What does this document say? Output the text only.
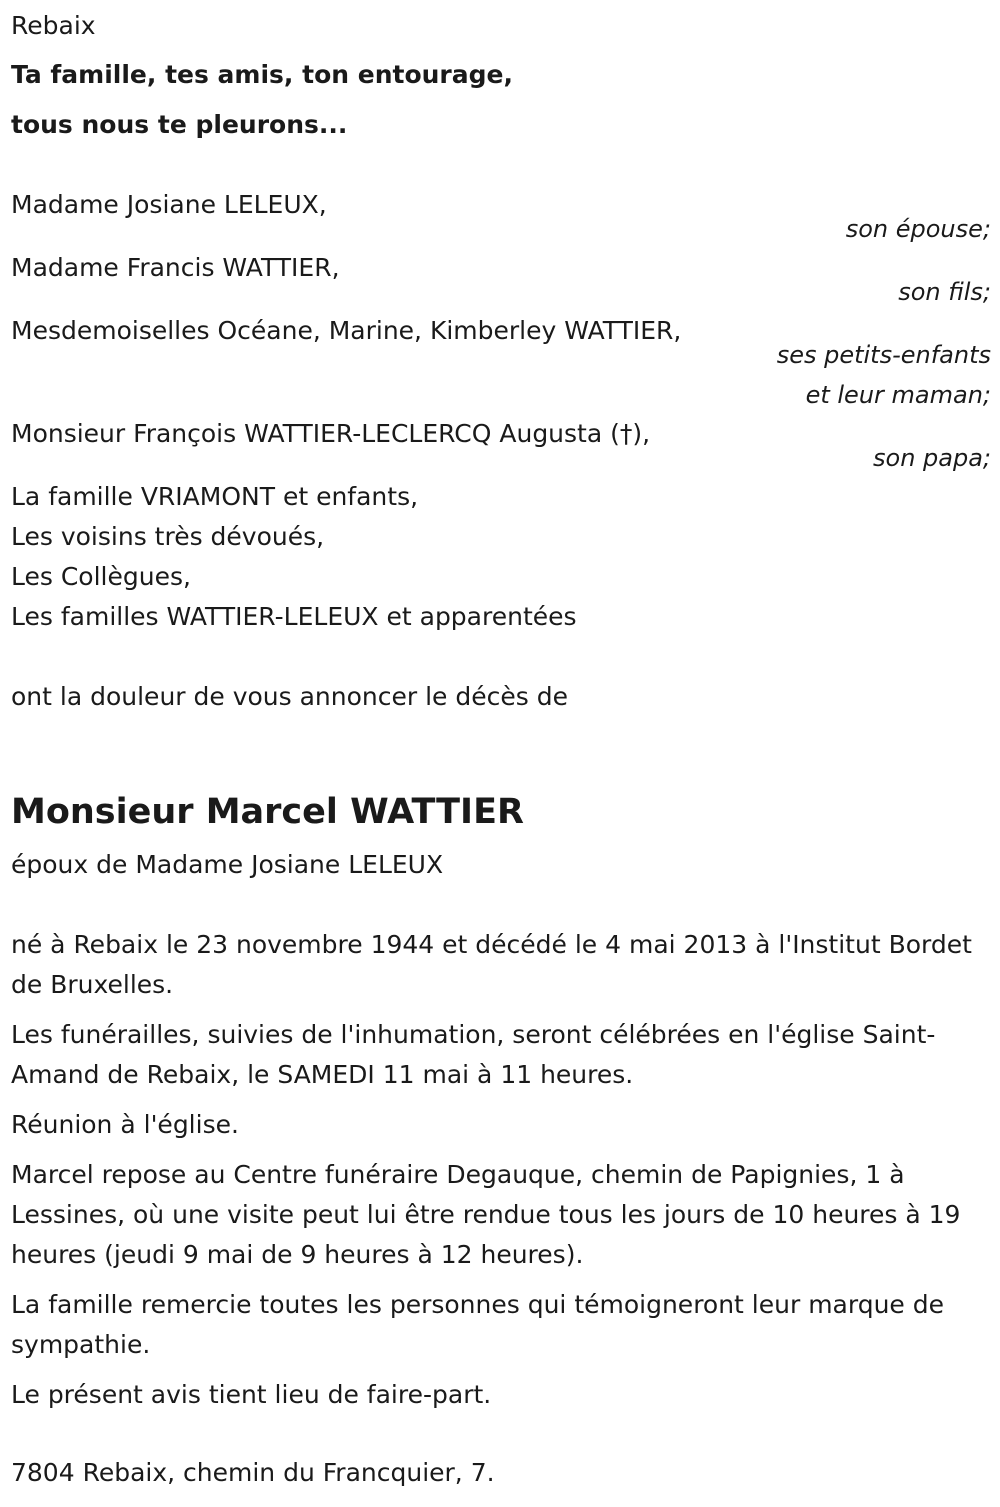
Rebaix

Ta famille, tes amis, ton entourage,

tous nous te pleurons...

Madame Josiane LELEUX,
son épouse;
Madame Francis WATTIER,
son fils;
Mesdemoiselles Océane, Marine, Kimberley WATTIER,
ses petits-enfants
et leur maman;
Monsieur François WATTIER-LECLERCQ Augusta (†),
son papa;

La famille VRIAMONT et enfants,

Les voisins très dévoués,

Les Collègues,

Les familles WATTIER-LELEUX et apparentées

ont la douleur de vous annoncer le décès de

Monsieur Marcel WATTIER

époux de Madame Josiane LELEUX

né à Rebaix le 23 novembre 1944 et décédé le 4 mai 2013 à l'Institut Bordet de Bruxelles.

Les funérailles, suivies de l'inhumation, seront célébrées en l'église Saint-Amand de Rebaix, le SAMEDI 11 mai à 11 heures.

Réunion à l'église.

Marcel repose au Centre funéraire Degauque, chemin de Papignies, 1 à Lessines, où une visite peut lui être rendue tous les jours de 10 heures à 19 heures (jeudi 9 mai de 9 heures à 12 heures).

La famille remercie toutes les personnes qui témoigneront leur marque de sympathie.

Le présent avis tient lieu de faire-part.

7804 Rebaix, chemin du Francquier, 7.
